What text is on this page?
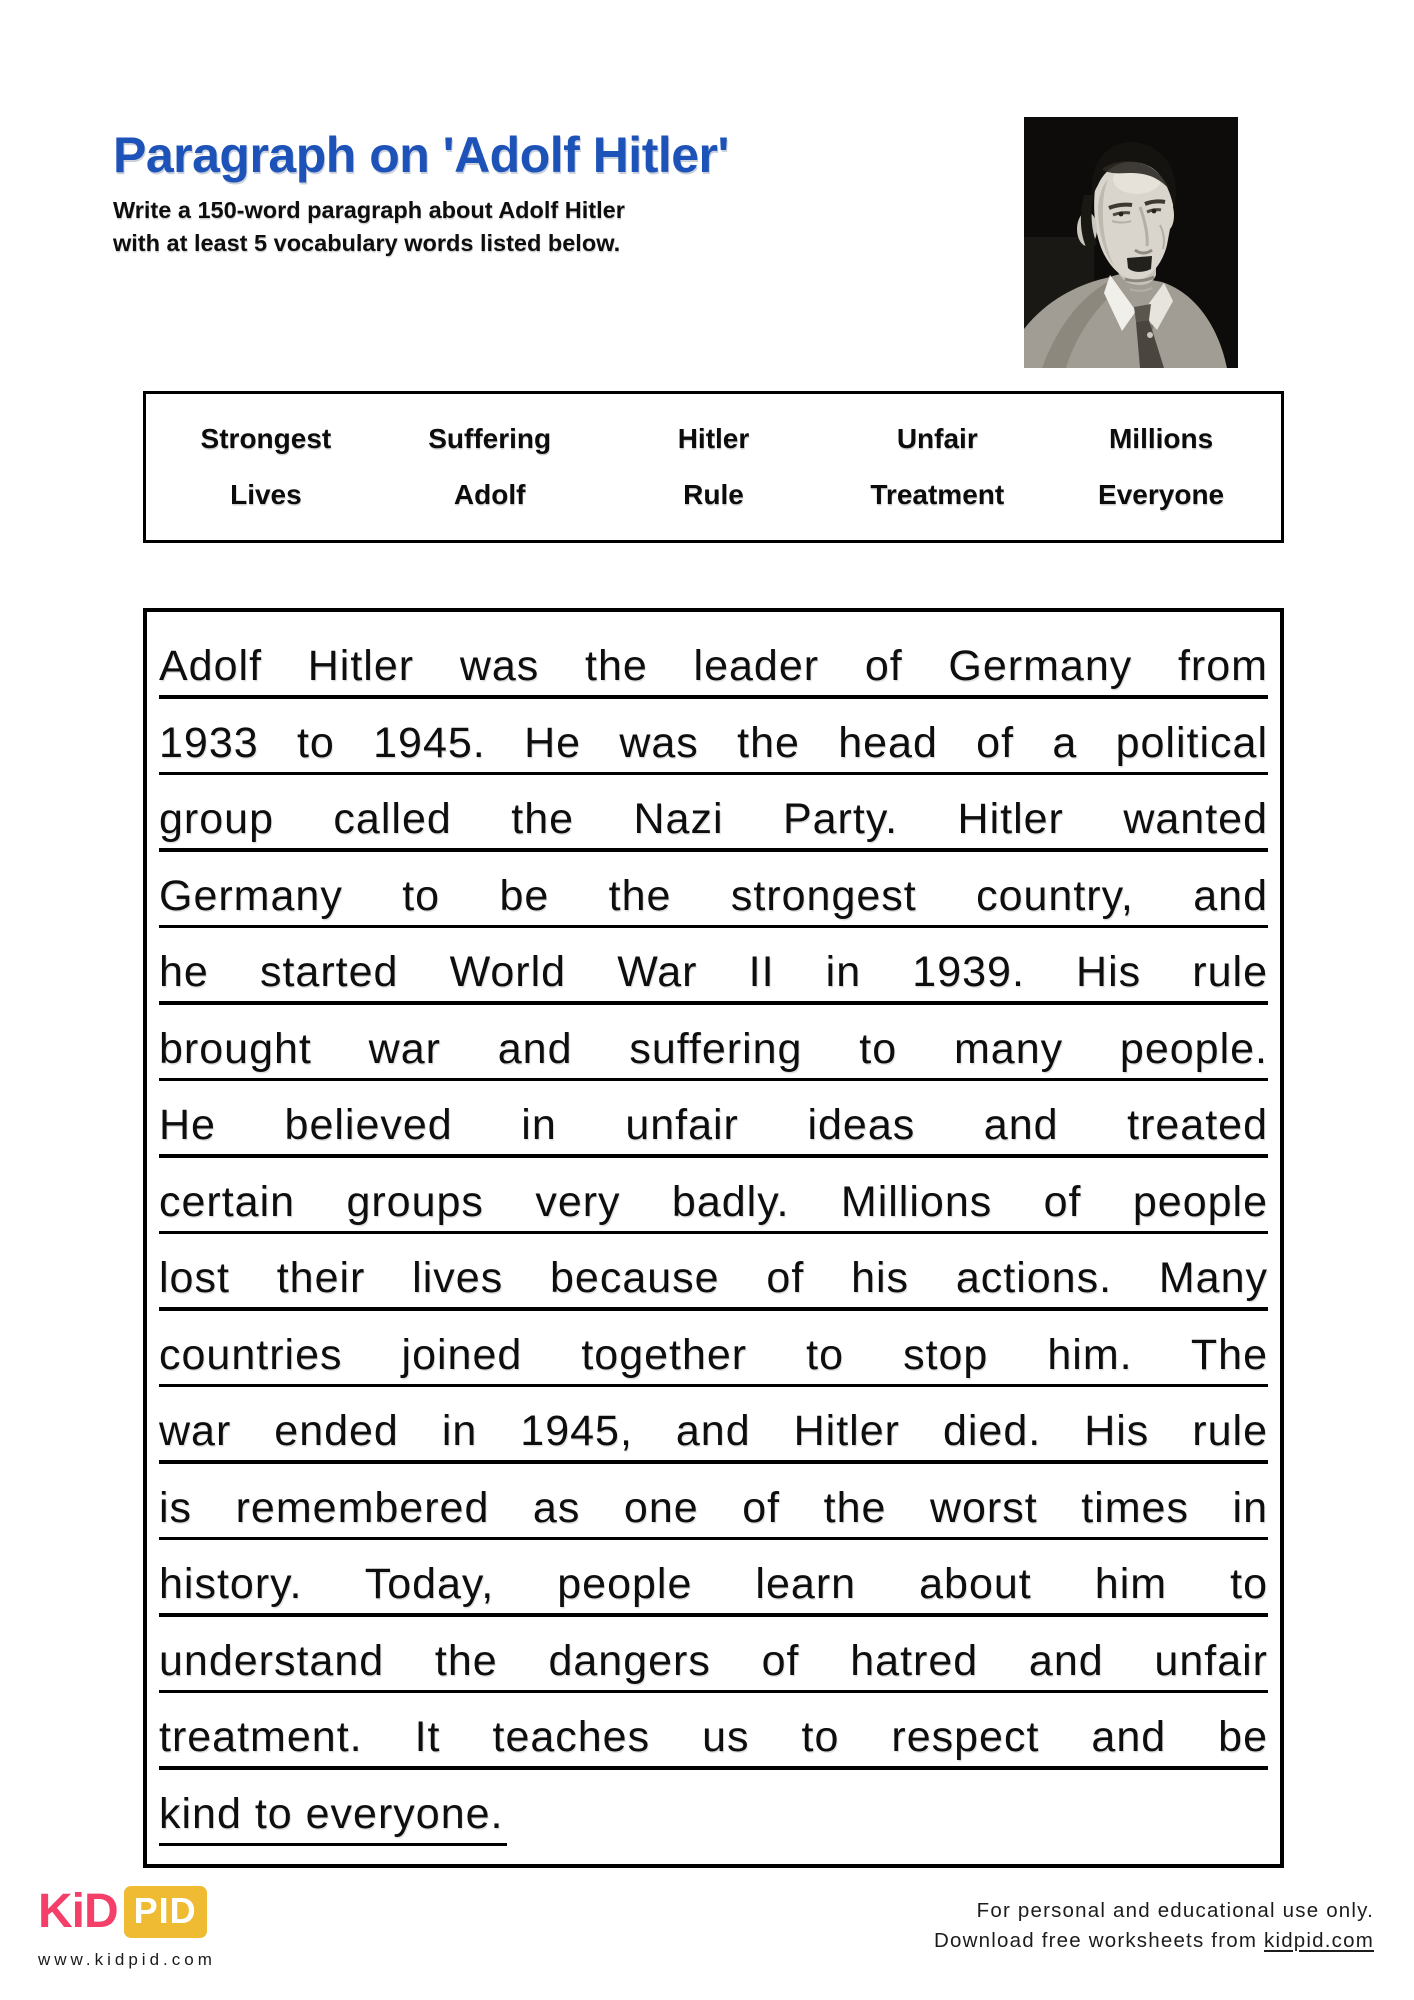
Paragraph on 'Adolf Hitler'
Write a 150-word paragraph about Adolf Hitler
with at least 5 vocabulary words listed below.
Strongest	Suffering	Hitler	Unfair	Millions
Lives	Adolf	Rule	Treatment	Everyone
Adolf Hitler was the leader of Germany from
1933 to 1945. He was the head of a political
group called the Nazi Party. Hitler wanted
Germany to be the strongest country, and
he started World War II in 1939. His rule
brought war and suffering to many people.
He believed in unfair ideas and treated
certain groups very badly. Millions of people
lost their lives because of his actions. Many
countries joined together to stop him. The
war ended in 1945, and Hitler died. His rule
is remembered as one of the worst times in
history. Today, people learn about him to
understand the dangers of hatred and unfair
treatment. It teaches us to respect and be
kind to everyone.
KiD PID
www.kidpid.com
For personal and educational use only.
Download free worksheets from kidpid.com
